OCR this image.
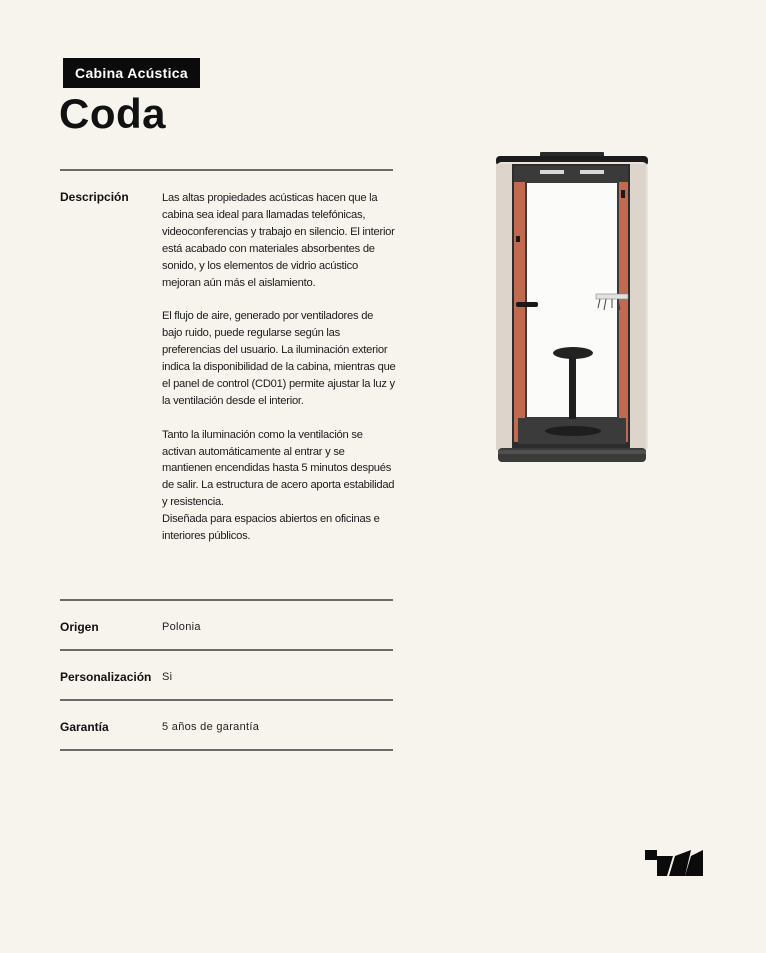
Cabina Acústica
Coda
Descripción	Las altas propiedades acústicas hacen que la cabina sea ideal para llamadas telefónicas, videoconferencias y trabajo en silencio. El interior está acabado con materiales absorbentes de sonido, y los elementos de vidrio acústico mejoran aún más el aislamiento.

El flujo de aire, generado por ventiladores de bajo ruido, puede regularse según las preferencias del usuario. La iluminación exterior indica la disponibilidad de la cabina, mientras que el panel de control (CD01) permite ajustar la luz y la ventilación desde el interior.

Tanto la iluminación como la ventilación se activan automáticamente al entrar y se mantienen encendidas hasta 5 minutos después de salir. La estructura de acero aporta estabilidad y resistencia.
Diseñada para espacios abiertos en oficinas e interiores públicos.

Origen	Polonia
Personalización Si
Garantía	5 años de garantía
